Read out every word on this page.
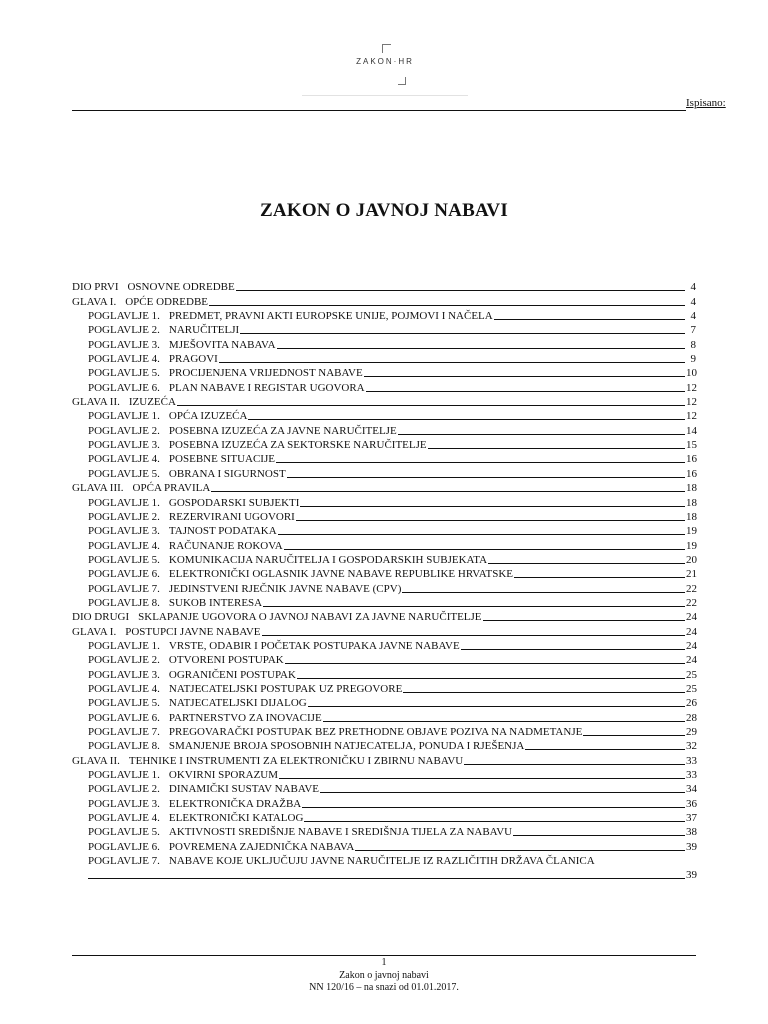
ZAKON·HR
Ispisano:
ZAKON O JAVNOJ NABAVI
DIO PRVI OSNOVNE ODREDBE	4
GLAVA I. OPĆE ODREDBE	4
POGLAVLJE 1. PREDMET, PRAVNI AKTI EUROPSKE UNIJE, POJMOVI I NAČELA	4
POGLAVLJE 2. NARUČITELJI	7
POGLAVLJE 3. MJEŠOVITA NABAVA	8
POGLAVLJE 4. PRAGOVI	9
POGLAVLJE 5. PROCIJENJENA VRIJEDNOST NABAVE	10
POGLAVLJE 6. PLAN NABAVE I REGISTAR UGOVORA	12
GLAVA II. IZUZEĆA	12
POGLAVLJE 1. OPĆA IZUZEĆA	12
POGLAVLJE 2. POSEBNA IZUZEĆA ZA JAVNE NARUČITELJE	14
POGLAVLJE 3. POSEBNA IZUZEĆA ZA SEKTORSKE NARUČITELJE	15
POGLAVLJE 4. POSEBNE SITUACIJE	16
POGLAVLJE 5. OBRANA I SIGURNOST	16
GLAVA III. OPĆA PRAVILA	18
POGLAVLJE 1. GOSPODARSKI SUBJEKTI	18
POGLAVLJE 2. REZERVIRANI UGOVORI	18
POGLAVLJE 3. TAJNOST PODATAKA	19
POGLAVLJE 4. RAČUNANJE ROKOVA	19
POGLAVLJE 5. KOMUNIKACIJA NARUČITELJA I GOSPODARSKIH SUBJEKATA	20
POGLAVLJE 6. ELEKTRONIČKI OGLASNIK JAVNE NABAVE REPUBLIKE HRVATSKE	21
POGLAVLJE 7. JEDINSTVENI RJEČNIK JAVNE NABAVE (CPV)	22
POGLAVLJE 8. SUKOB INTERESA	22
DIO DRUGI SKLAPANJE UGOVORA O JAVNOJ NABAVI ZA JAVNE NARUČITELJE	24
GLAVA I. POSTUPCI JAVNE NABAVE	24
POGLAVLJE 1. VRSTE, ODABIR I POČETAK POSTUPAKA JAVNE NABAVE	24
POGLAVLJE 2. OTVORENI POSTUPAK	24
POGLAVLJE 3. OGRANIČENI POSTUPAK	25
POGLAVLJE 4. NATJECATELJSKI POSTUPAK UZ PREGOVORE	25
POGLAVLJE 5. NATJECATELJSKI DIJALOG	26
POGLAVLJE 6. PARTNERSTVO ZA INOVACIJE	28
POGLAVLJE 7. PREGOVARAČKI POSTUPAK BEZ PRETHODNE OBJAVE POZIVA NA NADMETANJE	29
POGLAVLJE 8. SMANJENJE BROJA SPOSOBNIH NATJECATELJA, PONUDA I RJEŠENJA	32
GLAVA II. TEHNIKE I INSTRUMENTI ZA ELEKTRONIČKU I ZBIRNU NABAVU	33
POGLAVLJE 1. OKVIRNI SPORAZUM	33
POGLAVLJE 2. DINAMIČKI SUSTAV NABAVE	34
POGLAVLJE 3. ELEKTRONIČKA DRAŽBA	36
POGLAVLJE 4. ELEKTRONIČKI KATALOG	37
POGLAVLJE 5. AKTIVNOSTI SREDIŠNJE NABAVE I SREDIŠNJA TIJELA ZA NABAVU	38
POGLAVLJE 6. POVREMENA ZAJEDNIČKA NABAVA	39
POGLAVLJE 7. NABAVE KOJE UKLJUČUJU JAVNE NARUČITELJE IZ RAZLIČITIH DRŽAVA ČLANICA
39
1
Zakon o javnoj nabavi
NN 120/16 – na snazi od 01.01.2017.
